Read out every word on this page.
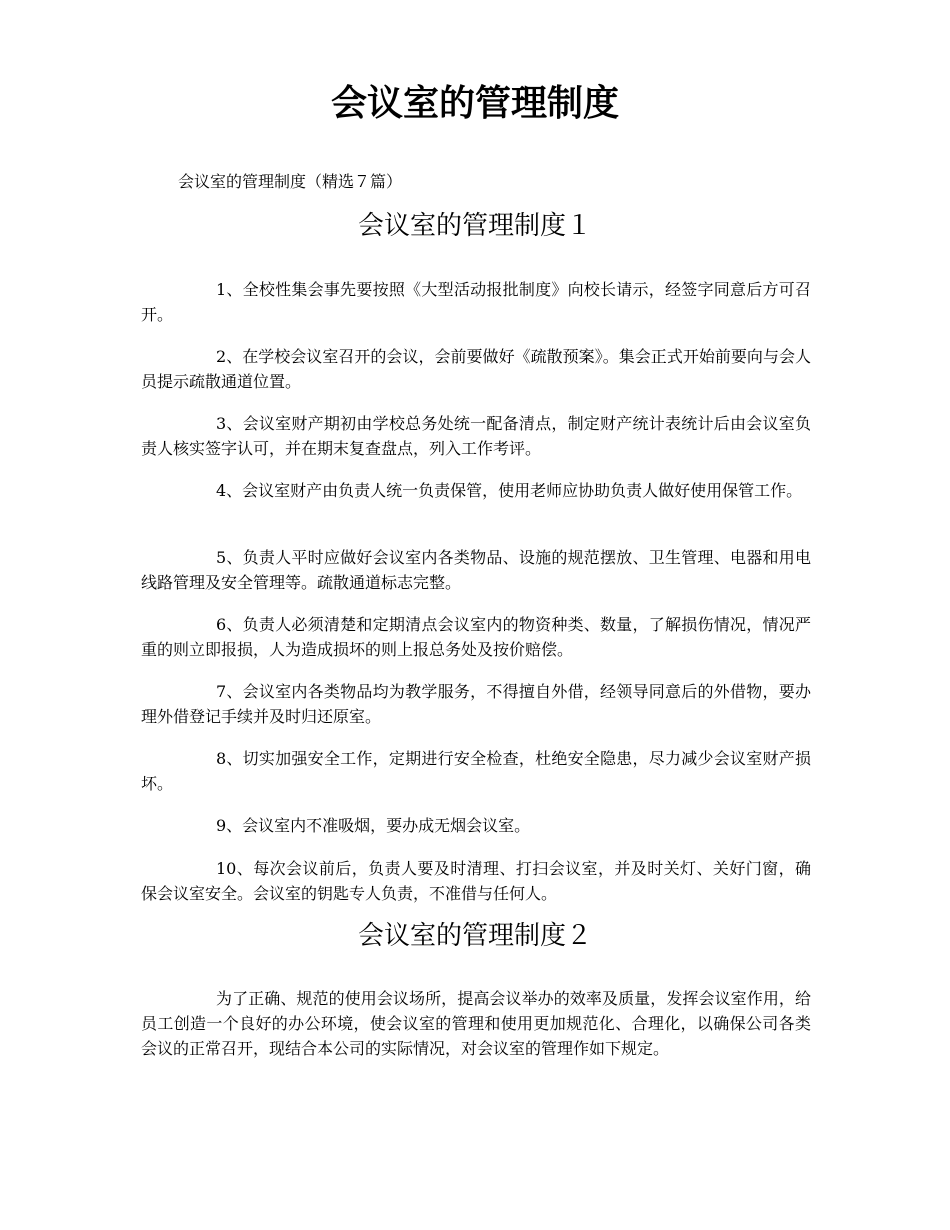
会议室的管理制度

会议室的管理制度（精选７篇）

会议室的管理制度１

1、全校性集会事先要按照《大型活动报批制度》向校长请示，经签字同意后方可召开。

2、在学校会议室召开的会议，会前要做好《疏散预案》。集会正式开始前要向与会人员提示疏散通道位置。

3、会议室财产期初由学校总务处统一配备清点，制定财产统计表统计后由会议室负责人核实签字认可，并在期末复查盘点，列入工作考评。

4、会议室财产由负责人统一负责保管，使用老师应协助负责人做好使用保管工作。

5、负责人平时应做好会议室内各类物品、设施的规范摆放、卫生管理、电器和用电线路管理及安全管理等。疏散通道标志完整。

6、负责人必须清楚和定期清点会议室内的物资种类、数量，了解损伤情况，情况严重的则立即报损，人为造成损坏的则上报总务处及按价赔偿。

7、会议室内各类物品均为教学服务，不得擅自外借，经领导同意后的外借物，要办理外借登记手续并及时归还原室。

8、切实加强安全工作，定期进行安全检查，杜绝安全隐患，尽力减少会议室财产损坏。

9、会议室内不准吸烟，要办成无烟会议室。

10、每次会议前后，负责人要及时清理、打扫会议室，并及时关灯、关好门窗，确保会议室安全。会议室的钥匙专人负责，不准借与任何人。

会议室的管理制度２

为了正确、规范的使用会议场所，提高会议举办的效率及质量，发挥会议室作用，给员工创造一个良好的办公环境，使会议室的管理和使用更加规范化、合理化，以确保公司各类会议的正常召开，现结合本公司的实际情况，对会议室的管理作如下规定。
